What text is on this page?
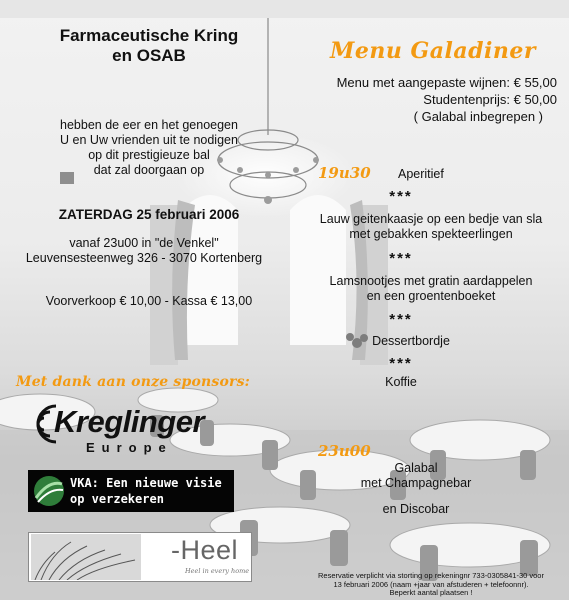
Farmaceutische Kring
en OSAB
hebben de eer en het genoegen
U en Uw vrienden uit te nodigen
op dit prestigieuze bal
dat zal doorgaan op
ZATERDAG 25 februari 2006
vanaf 23u00 in "de Venkel"
Leuvensesteenweg 326 - 3070 Kortenberg
Voorverkoop € 10,00 - Kassa € 13,00
Met dank aan onze sponsors:
Kreglinger
Europe
VKA: Een nieuwe visie
op verzekeren
-Heel
Heel in every home
Menu Galadiner
Menu met aangepaste wijnen: € 55,00
Studentenprijs: € 50,00
( Galabal inbegrepen )
19u30 Aperitief
***
Lauw geitenkaasje op een bedje van sla
met gebakken spekteerlingen
***
Lamsnootjes met gratin aardappelen
en een groentenboeket
***
Dessertbordje
***
Koffie
23u00
Galabal
met Champagnebar
en Discobar
Reservatie verplicht via storting op rekeningnr 733-0305841-30 voor
13 februari 2006 (naam +jaar van afstuderen + telefoonnr).
Beperkt aantal plaatsen !
